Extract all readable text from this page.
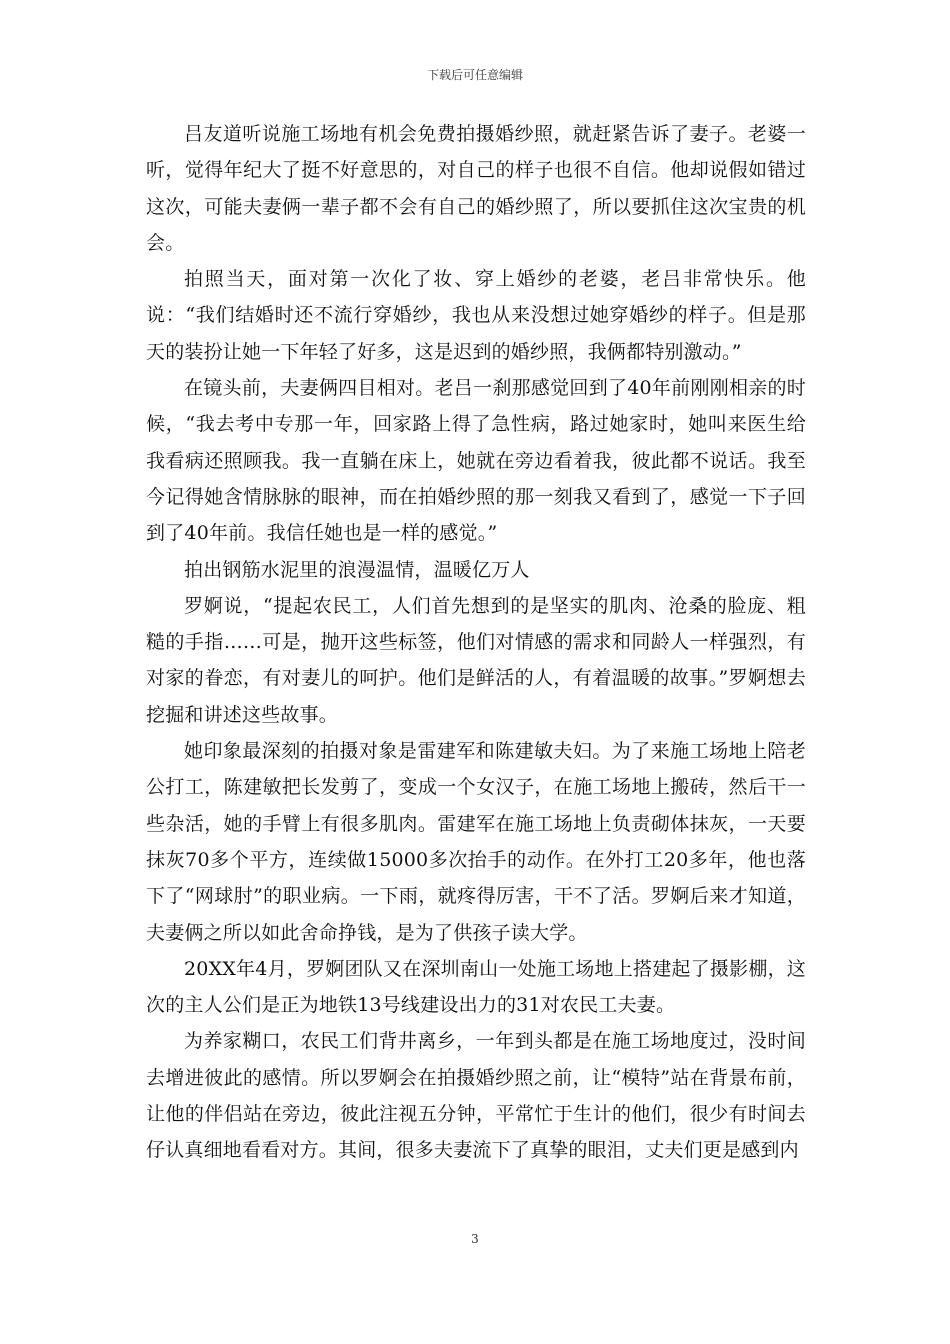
下载后可任意编辑

吕友道听说施工场地有机会免费拍摄婚纱照，就赶紧告诉了妻子。老婆一听，觉得年纪大了挺不好意思的，对自己的样子也很不自信。他却说假如错过这次，可能夫妻俩一辈子都不会有自己的婚纱照了，所以要抓住这次宝贵的机会。

拍照当天，面对第一次化了妆、穿上婚纱的老婆，老吕非常快乐。他说：“我们结婚时还不流行穿婚纱，我也从来没想过她穿婚纱的样子。但是那天的装扮让她一下年轻了好多，这是迟到的婚纱照，我俩都特别激动。”

在镜头前，夫妻俩四目相对。老吕一刹那感觉回到了40年前刚刚相亲的时候，“我去考中专那一年，回家路上得了急性病，路过她家时，她叫来医生给我看病还照顾我。我一直躺在床上，她就在旁边看着我，彼此都不说话。我至今记得她含情脉脉的眼神，而在拍婚纱照的那一刻我又看到了，感觉一下子回到了40年前。我信任她也是一样的感觉。”

拍出钢筋水泥里的浪漫温情，温暖亿万人

罗婀说，“提起农民工，人们首先想到的是坚实的肌肉、沧桑的脸庞、粗糙的手指……可是，抛开这些标签，他们对情感的需求和同龄人一样强烈，有对家的眷恋，有对妻儿的呵护。他们是鲜活的人，有着温暖的故事。”罗婀想去挖掘和讲述这些故事。

她印象最深刻的拍摄对象是雷建军和陈建敏夫妇。为了来施工场地上陪老公打工，陈建敏把长发剪了，变成一个女汉子，在施工场地上搬砖，然后干一些杂活，她的手臂上有很多肌肉。雷建军在施工场地上负责砌体抹灰，一天要抹灰70多个平方，连续做15000多次抬手的动作。在外打工20多年，他也落下了“网球肘”的职业病。一下雨，就疼得厉害，干不了活。罗婀后来才知道，夫妻俩之所以如此舍命挣钱，是为了供孩子读大学。

20XX年4月，罗婀团队又在深圳南山一处施工场地上搭建起了摄影棚，这次的主人公们是正为地铁13号线建设出力的31对农民工夫妻。

为养家糊口，农民工们背井离乡，一年到头都是在施工场地度过，没时间去增进彼此的感情。所以罗婀会在拍摄婚纱照之前，让“模特”站在背景布前，让他的伴侣站在旁边，彼此注视五分钟，平常忙于生计的他们，很少有时间去仔认真细地看看对方。其间，很多夫妻流下了真挚的眼泪，丈夫们更是感到内

3
